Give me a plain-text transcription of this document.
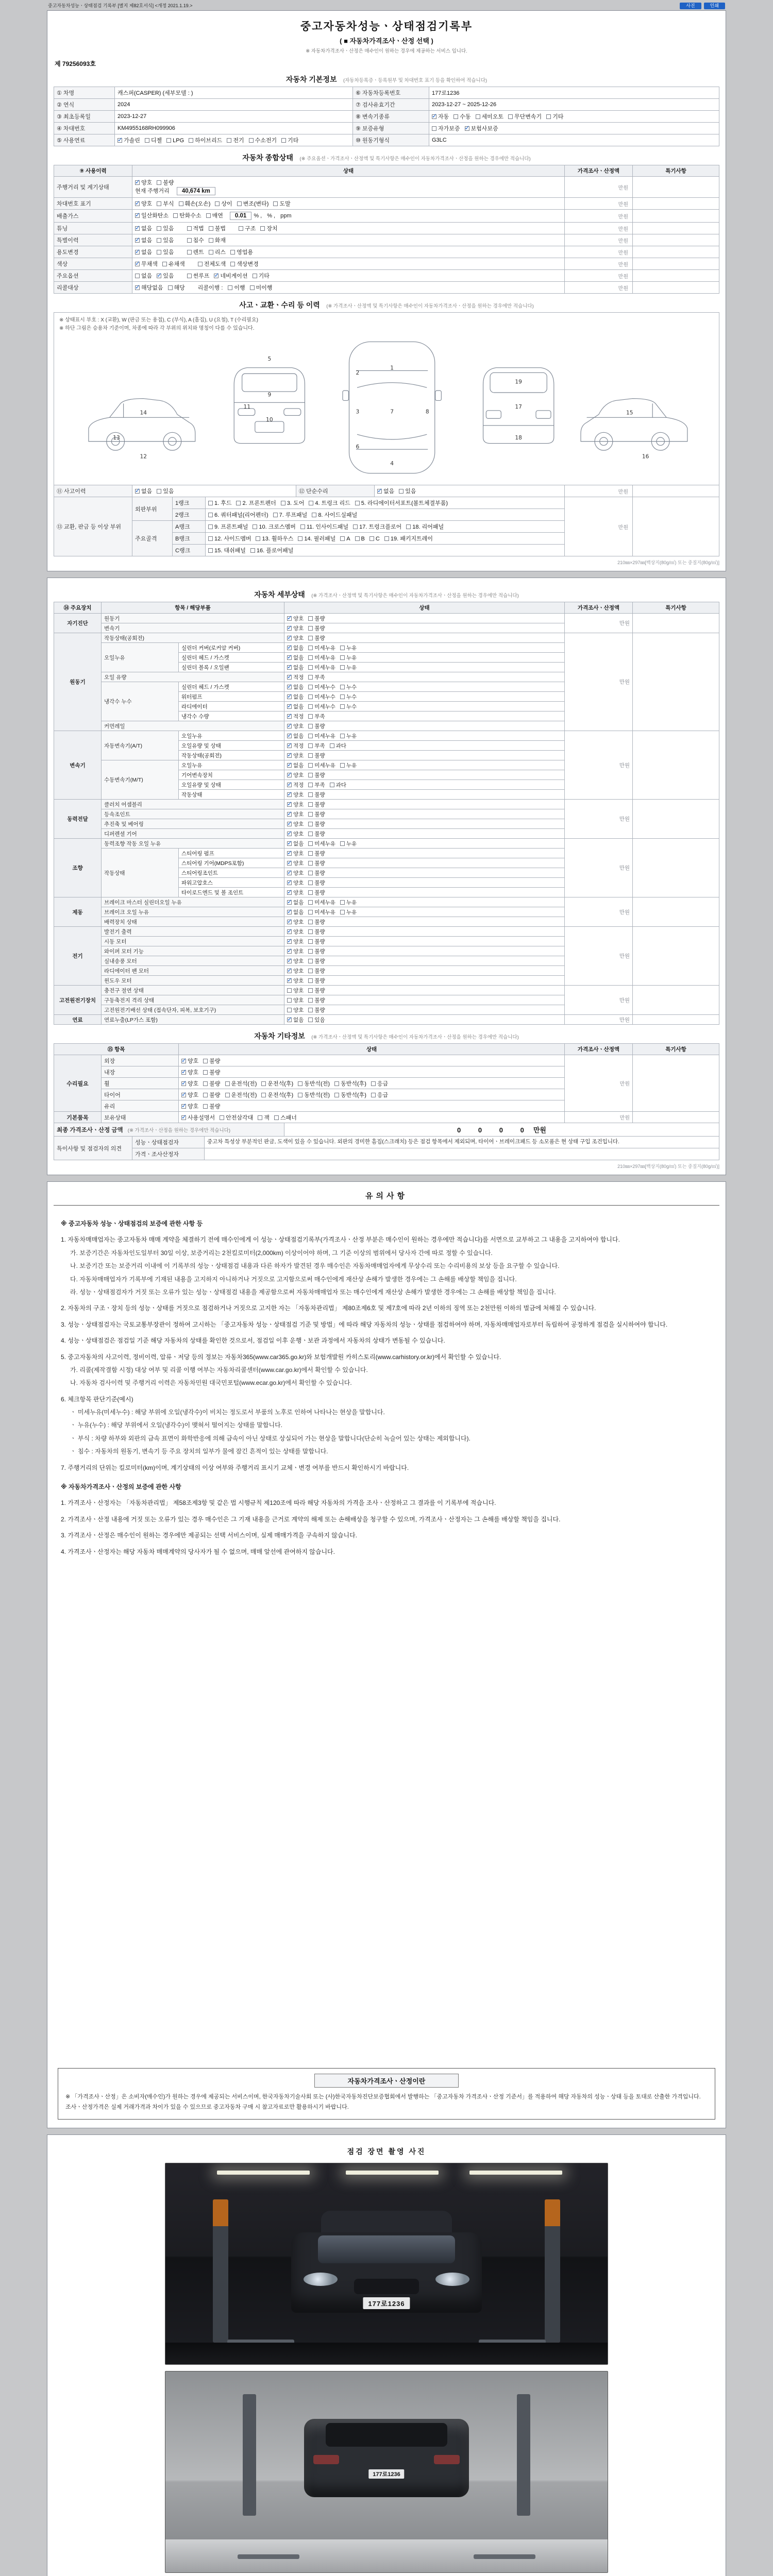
중고자동차성능ㆍ상태점검 기록부 [별지 제82호서식] <개정 2021.1.19.>	사진	인쇄
중고자동차성능ㆍ상태점검기록부
( ■ 자동차가격조사ㆍ산정 선택 )
※ 자동차가격조사ㆍ산정은 매수인이 원하는 경우에 제공하는 서비스 입니다.
제 79256093호
자동차 기본정보 (자동차등록증ㆍ등록원부 및 차대번호 표기 등을 확인하여 적습니다)
① 차명	캐스퍼(CASPER) (세부모델 : )	⑥ 자동차등록번호	177로1236
② 연식	2024	⑦ 검사유효기간	2023-12-27 ~ 2025-12-26
③ 최초등록일	2023-12-27	⑧ 변속기종류	✓자동 수동 세미오토 무단변속기 기타
④ 차대번호	KM4955168RH099906	⑨ 보증유형	자가보증 ✓ 보험사보증
⑤ 사용연료	✓가솔린 디젤 LPG 하이브리드 전기 수소전기 기타	⑩ 원동기형식	G3LC
자동차 종합상태 (※ 주요옵션ㆍ가격조사ㆍ산정액 및 특기사항은 매수인이 자동차가격조사ㆍ산정을 원하는 경우에만 적습니다)
⑨ 사용이력	상태	가격조사ㆍ산정액	특기사항
주행거리 및 계기상태	✓양호 불량
현재 주행거리 40,674 km	만원	
차대번호 표기	✓양호 부식 훼손(오손) 상이 변조(변타) 도말	만원	
배출가스	✓일산화탄소 탄화수소 매연 0.01 % , % , ppm	만원	
튜닝	✓없음 있음 적법 불법 구조 장치	만원	
특별이력	✓없음 있음 침수 화재	만원	
용도변경	✓없음 있음 렌트 리스 영업용	만원	
색상	✓무채색 유채색 전체도색 색상변경	만원	
주요옵션	없음 ✓ 있음 썬루프 ✓ 네비게이션 기타	만원	
리콜대상	✓해당없음 해당 리콜이행 : 이행 미이행	만원	
사고ㆍ교환ㆍ수리 등 이력 (※ 가격조사ㆍ산정액 및 특기사항은 매수인이 자동차가격조사ㆍ산정을 원하는 경우에만 적습니다)
※ 상태표시 부호 : X (교환), W (판금 또는 용접), C (부식), A (흠집), U (요철), T (수리필요)
※ 하단 그림은 승용차 기준이며, 차종에 따라 각 부위의 위치와 명칭이 다를 수 있습니다.
1
2
3
4
5
6
7	8
9
10
11
12
13
14	15
16
17
18
19
⑪ 사고이력	✓없음 있음	⑫ 단순수리	✓없음 있음	만원	
⑬ 교환, 판금 등 이상 부위	외판부위	1랭크	1. 후드 2. 프론트펜더 3. 도어 4. 트렁크 리드 5. 라디에이터서포트(볼트체결부품)	만원	
		2랭크	6. 쿼터패널(리어펜더) 7. 루프패널 8. 사이드실패널		
	주요골격	A랭크	9. 프론트패널 10. 크로스멤버 11. 인사이드패널 17. 트렁크플로어 18. 리어패널		
		B랭크	12. 사이드멤버 13. 휠하우스 14. 필러패널 A B C 19. 패키지트레이		
		C랭크	15. 대쉬패널 16. 플로어패널		
210㎜×297㎜[백상지(80g/㎡) 또는 중질지(80g/㎡)]
자동차 세부상태 (※ 가격조사ㆍ산정액 및 특기사항은 매수인이 자동차가격조사ㆍ산정을 원하는 경우에만 적습니다)
⑭ 주요장치	항목 / 해당부품		상태	가격조사ㆍ산정액	특기사항
자기진단	원동기	✓양호 불량	만원	
	변속기	✓양호 불량
원동기	작동상태(공회전)	✓양호 불량	만원	
	오일누유	실린더 커버(로커암 커버)	✓없음 미세누유 누유
		실린더 헤드 / 가스켓	✓없음 미세누유 누유
		실린더 블록 / 오일팬	✓없음 미세누유 누유
	오일 유량	✓적정 부족
	냉각수 누수	실린더 헤드 / 가스켓	✓없음 미세누수 누수
		워터펌프	✓없음 미세누수 누수
		라디에이터	✓없음 미세누수 누수
		냉각수 수량	✓적정 부족
	커먼레일	✓양호 불량
변속기	자동변속기(A/T)	오일누유	✓없음 미세누유 누유	만원	
		오일유량 및 상태	✓적정 부족 과다
		작동상태(공회전)	✓양호 불량
	수동변속기(M/T)	오일누유	✓없음 미세누유 누유
		기어변속장치	✓양호 불량
		오일유량 및 상태	✓적정 부족 과다
		작동상태	✓양호 불량
동력전달	클러치 어셈블리	✓양호 불량	만원	
	등속조인트	✓양호 불량
	추진축 및 베어링	✓양호 불량
	디퍼렌셜 기어	✓양호 불량
조향	동력조향 작동 오일 누유	✓없음 미세누유 누유	만원	
	작동상태	스티어링 펌프	✓양호 불량
		스티어링 기어(MDPS포함)	✓양호 불량
		스티어링조인트	✓양호 불량
		파워고압호스	✓양호 불량
		타이로드엔드 및 볼 조인트	✓양호 불량
제동	브레이크 마스터 실린더오일 누유	✓없음 미세누유 누유	만원	
	브레이크 오일 누유	✓없음 미세누유 누유
	배력장치 상태	✓양호 불량
전기	발전기 출력	✓양호 불량	만원	
	시동 모터	✓양호 불량
	와이퍼 모터 기능	✓양호 불량
	실내송풍 모터	✓양호 불량
	라디에이터 팬 모터	✓양호 불량
	윈도우 모터	✓양호 불량
고전원전기장치	충전구 절연 상태		양호 불량	만원	
	구동축전지 격리 상태		양호 불량		
	고전원전기배선 상태 (접속단자, 피복, 보호기구)		양호 불량		
연료	연료누출(LP가스 포함)	✓없음 있음	만원	
자동차 기타정보 (※ 가격조사ㆍ산정액 및 특기사항은 매수인이 자동차가격조사ㆍ산정을 원하는 경우에만 적습니다)
⑮ 항목		상태	가격조사ㆍ산정액	특기사항
수리필요	외장	✓양호 불량	만원	
	내장	✓양호 불량
	휠	✓양호 불량 운전석(전) 운전석(후) 동반석(전) 동반석(후) 응급
	타이어	✓양호 불량 운전석(전) 운전석(후) 동반석(전) 동반석(후) 응급
	유리	✓양호 불량
기본품목	보유상태	✓사용설명서 안전삼각대 잭 스패너	만원	
최종 가격조사ㆍ산정 금액 (※ 가격조사ㆍ산정을 원하는 경우에만 적습니다)	0 0 0 0 만원
특이사항 및 점검자의 의견	성능ㆍ상태점검자	중고차 특성상 부분적인 판금, 도색이 있을 수 있습니다. 외판의 경미한 흠집(스크래치) 등은 점검 항목에서 제외되며, 타이어ㆍ브레이크패드 등 소모품은 현 상태 구입 조건입니다.
	가격ㆍ조사산정자	
210㎜×297㎜[백상지(80g/㎡) 또는 중질지(80g/㎡)]
유의사항
※ 중고자동차 성능ㆍ상태점검의 보증에 관한 사항 등
1. 자동차매매업자는 중고자동차 매매 계약을 체결하기 전에 매수인에게 이 성능ㆍ상태점검기록부(가격조사ㆍ산정 부분은 매수인이 원하는 경우에만 적습니다)를 서면으로 교부하고 그 내용을 고지하여야 합니다.
가. 보증기간은 자동차인도일부터 30일 이상, 보증거리는 2천킬로미터(2,000km) 이상이어야 하며, 그 기준 이상의 범위에서 당사자 간에 따로 정할 수 있습니다.
나. 보증기간 또는 보증거리 이내에 이 기록부의 성능ㆍ상태점검 내용과 다른 하자가 발견된 경우 매수인은 자동차매매업자에게 무상수리 또는 수리비용의 보상 등을 요구할 수 있습니다.
다. 자동차매매업자가 기록부에 기재된 내용을 고지하지 아니하거나 거짓으로 고지함으로써 매수인에게 재산상 손해가 발생한 경우에는 그 손해를 배상할 책임을 집니다.
라. 성능ㆍ상태점검자가 거짓 또는 오류가 있는 성능ㆍ상태점검 내용을 제공함으로써 자동차매매업자 또는 매수인에게 재산상 손해가 발생한 경우에는 그 손해를 배상할 책임을 집니다.
2. 자동차의 구조ㆍ장치 등의 성능ㆍ상태를 거짓으로 점검하거나 거짓으로 고지한 자는 「자동차관리법」 제80조제6호 및 제7호에 따라 2년 이하의 징역 또는 2천만원 이하의 벌금에 처해질 수 있습니다.
3. 성능ㆍ상태점검자는 국토교통부장관이 정하여 고시하는 「중고자동차 성능ㆍ상태점검 기준 및 방법」에 따라 해당 자동차의 성능ㆍ상태를 점검하여야 하며, 자동차매매업자로부터 독립하여 공정하게 점검을 실시하여야 합니다.
4. 성능ㆍ상태점검은 점검일 기준 해당 자동차의 상태를 확인한 것으로서, 점검일 이후 운행ㆍ보관 과정에서 자동차의 상태가 변동될 수 있습니다.
5. 중고자동차의 사고이력, 정비이력, 압류ㆍ저당 등의 정보는 자동차365(www.car365.go.kr)와 보험개발원 카히스토리(www.carhistory.or.kr)에서 확인할 수 있습니다.
가. 리콜(제작결함 시정) 대상 여부 및 리콜 이행 여부는 자동차리콜센터(www.car.go.kr)에서 확인할 수 있습니다.
나. 자동차 검사이력 및 주행거리 이력은 자동차민원 대국민포털(www.ecar.go.kr)에서 확인할 수 있습니다.
6. 체크항목 판단기준(예시)
ㆍ 미세누유(미세누수) : 해당 부위에 오일(냉각수)이 비치는 정도로서 부품의 노후로 인하여 나타나는 현상을 말합니다.
ㆍ 누유(누수) : 해당 부위에서 오일(냉각수)이 맺혀서 떨어지는 상태를 말합니다.
ㆍ 부식 : 차량 하부와 외판의 금속 표면이 화학반응에 의해 금속이 아닌 상태로 상실되어 가는 현상을 말합니다(단순히 녹슬어 있는 상태는 제외합니다).
ㆍ 침수 : 자동차의 원동기, 변속기 등 주요 장치의 일부가 물에 잠긴 흔적이 있는 상태를 말합니다.
7. 주행거리의 단위는 킬로미터(km)이며, 계기상태의 이상 여부와 주행거리 표시기 교체ㆍ변경 여부를 반드시 확인하시기 바랍니다.
※ 자동차가격조사ㆍ산정의 보증에 관한 사항
1. 가격조사ㆍ산정자는 「자동차관리법」 제58조제3항 및 같은 법 시행규칙 제120조에 따라 해당 자동차의 가격을 조사ㆍ산정하고 그 결과를 이 기록부에 적습니다.
2. 가격조사ㆍ산정 내용에 거짓 또는 오류가 있는 경우 매수인은 그 기재 내용을 근거로 계약의 해제 또는 손해배상을 청구할 수 있으며, 가격조사ㆍ산정자는 그 손해를 배상할 책임을 집니다.
3. 가격조사ㆍ산정은 매수인이 원하는 경우에만 제공되는 선택 서비스이며, 실제 매매가격을 구속하지 않습니다.
4. 가격조사ㆍ산정자는 해당 자동차 매매계약의 당사자가 될 수 없으며, 매매 알선에 관여하지 않습니다.
자동차가격조사ㆍ산정이란
※ 「가격조사ㆍ산정」은 소비자(매수인)가 원하는 경우에 제공되는 서비스이며, 한국자동차기술사회 또는 (사)한국자동차진단보증협회에서 발행하는 「중고자동차 가격조사ㆍ산정 기준서」를 적용하여 해당 자동차의 성능ㆍ상태 등을 토대로 산출한 가격입니다. 조사ㆍ산정가격은 실제 거래가격과 차이가 있을 수 있으므로 중고자동차 구매 시 참고자료로만 활용하시기 바랍니다.
점검 장면 촬영 사진
177로1236
177로1236
